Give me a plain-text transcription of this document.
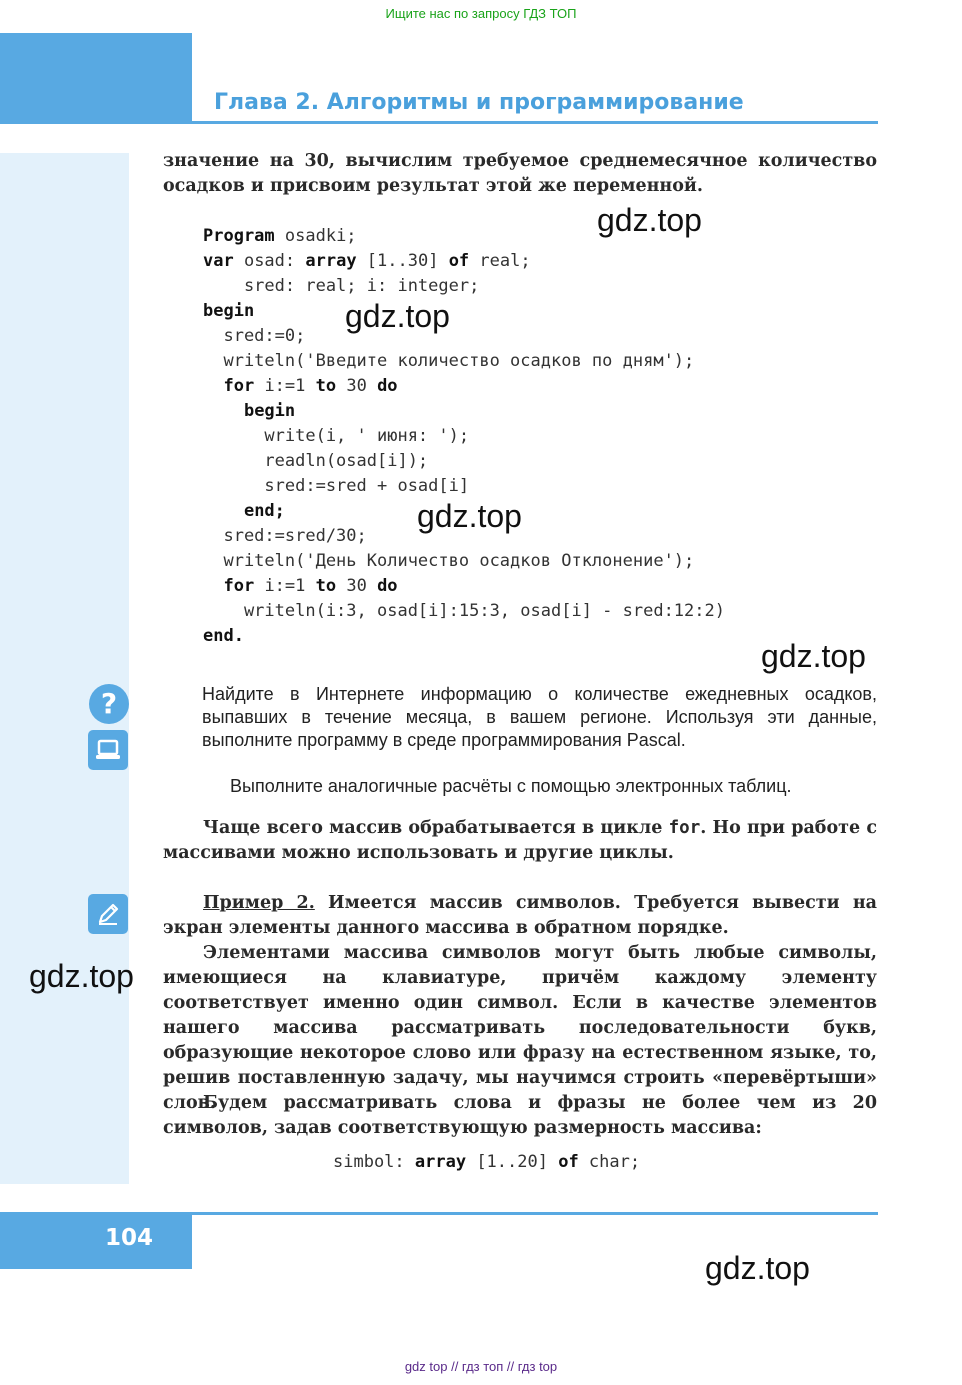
Ищите нас по запросу ГДЗ ТОП
Глава 2. Алгоритмы и программирование
значение на 30, вычислим требуемое среднемесячное количество осадков и присвоим результат этой же переменной.
Program osadki;
var osad: array [1..30] of real;
sred: real; i: integer;
begin
sred:=0;
writeln('Введите количество осадков по дням');
for i:=1 to 30 do
begin
write(i, ' июня: ');
readln(osad[i]);
sred:=sred + osad[i]
end;
sred:=sred/30;
writeln('День Количество осадков Отклонение');
for i:=1 to 30 do
writeln(i:3, osad[i]:15:3, osad[i] - sred:12:2)
end.
?	Найдите в Интернете информацию о количестве ежедневных осадков, выпавших в течение месяца, в вашем регионе. Используя эти данные, выполните программу в среде программирования Pascal.
Выполните аналогичные расчёты с помощью электронных таблиц.
Чаще всего массив обрабатывается в цикле for. Но при работе с массивами можно использовать и другие циклы.
Пример 2. Имеется массив символов. Требуется вывести на экран элементы данного массива в обратном порядке.
Элементами массива символов могут быть любые символы, имеющиеся на клавиатуре, причём каждому элементу соответствует именно один символ. Если в качестве элементов нашего массива рассматривать последовательности букв, образующие некоторое слово или фразу на естественном языке, то, решив поставленную задачу, мы научимся строить «перевёртыши» слов.
Будем рассматривать слова и фразы не более чем из 20 символов, задав соответствующую размерность массива:
simbol: array [1..20] of char;
gdz.top
gdz.top
gdz.top
gdz.top
gdz.top
gdz.top
104
gdz top // гдз топ // гдз top
